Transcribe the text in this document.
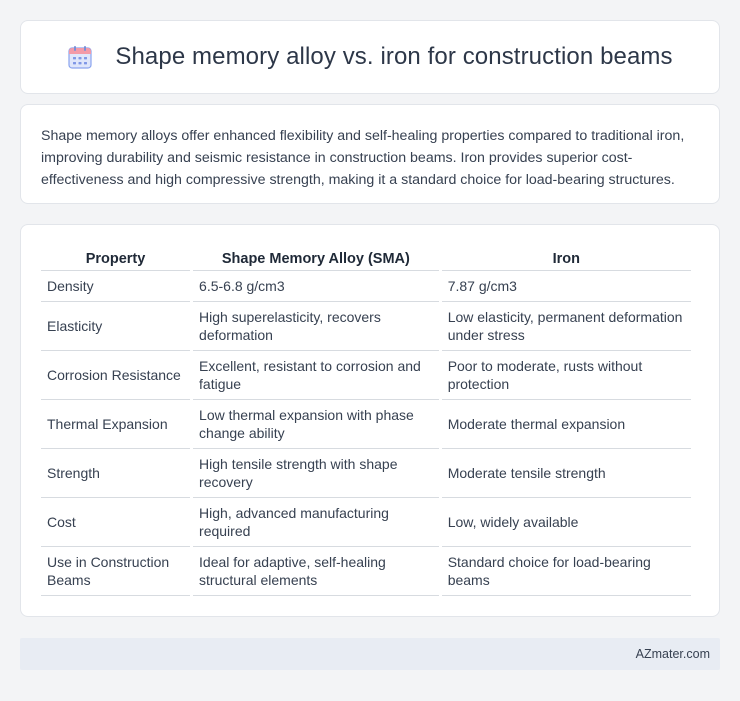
Shape memory alloy vs. iron for construction beams

Shape memory alloys offer enhanced flexibility and self-healing properties compared to traditional iron, improving durability and seismic resistance in construction beams. Iron provides superior cost-effectiveness and high compressive strength, making it a standard choice for load-bearing structures.

Property	Shape Memory Alloy (SMA)	Iron
Density	6.5-6.8 g/cm3	7.87 g/cm3
Elasticity	High superelasticity, recovers deformation	Low elasticity, permanent deformation under stress
Corrosion Resistance	Excellent, resistant to corrosion and fatigue	Poor to moderate, rusts without protection
Thermal Expansion	Low thermal expansion with phase change ability	Moderate thermal expansion
Strength	High tensile strength with shape recovery	Moderate tensile strength
Cost	High, advanced manufacturing required	Low, widely available
Use in Construction Beams	Ideal for adaptive, self-healing structural elements	Standard choice for load-bearing beams
AZmater.com
